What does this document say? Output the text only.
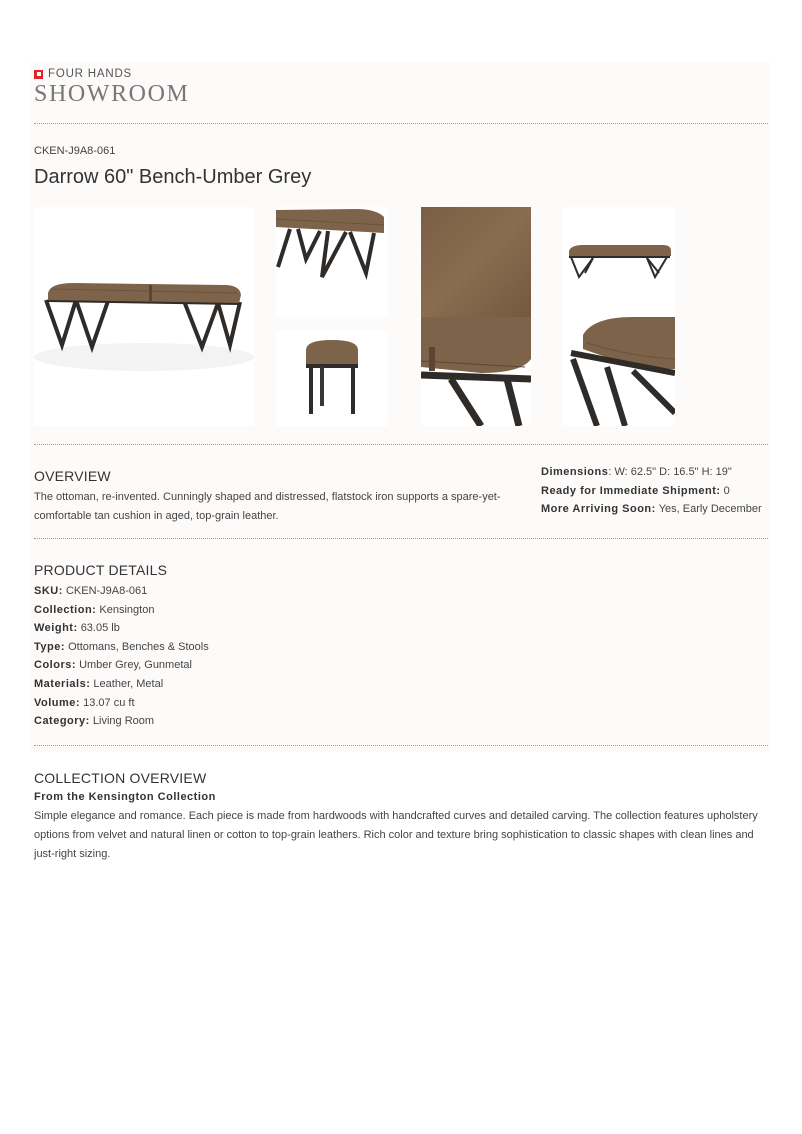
FOUR HANDS
SHOWROOM
CKEN-J9A8-061
Darrow 60" Bench-Umber Grey
OVERVIEW
The ottoman, re-invented. Cunningly shaped and distressed, flatstock iron supports a spare-yet-comfortable tan cushion in aged, top-grain leather.
Dimensions: W: 62.5" D: 16.5" H: 19"
Ready for Immediate Shipment: 0
More Arriving Soon: Yes, Early December
PRODUCT DETAILS
SKU: CKEN-J9A8-061
Collection: Kensington
Weight: 63.05 lb
Type: Ottomans, Benches & Stools
Colors: Umber Grey, Gunmetal
Materials: Leather, Metal
Volume: 13.07 cu ft
Category: Living Room
COLLECTION OVERVIEW
From the Kensington Collection
Simple elegance and romance. Each piece is made from hardwoods with handcrafted curves and detailed carving. The collection features upholstery options from velvet and natural linen or cotton to top-grain leathers. Rich color and texture bring sophistication to classic shapes with clean lines and just-right sizing.
